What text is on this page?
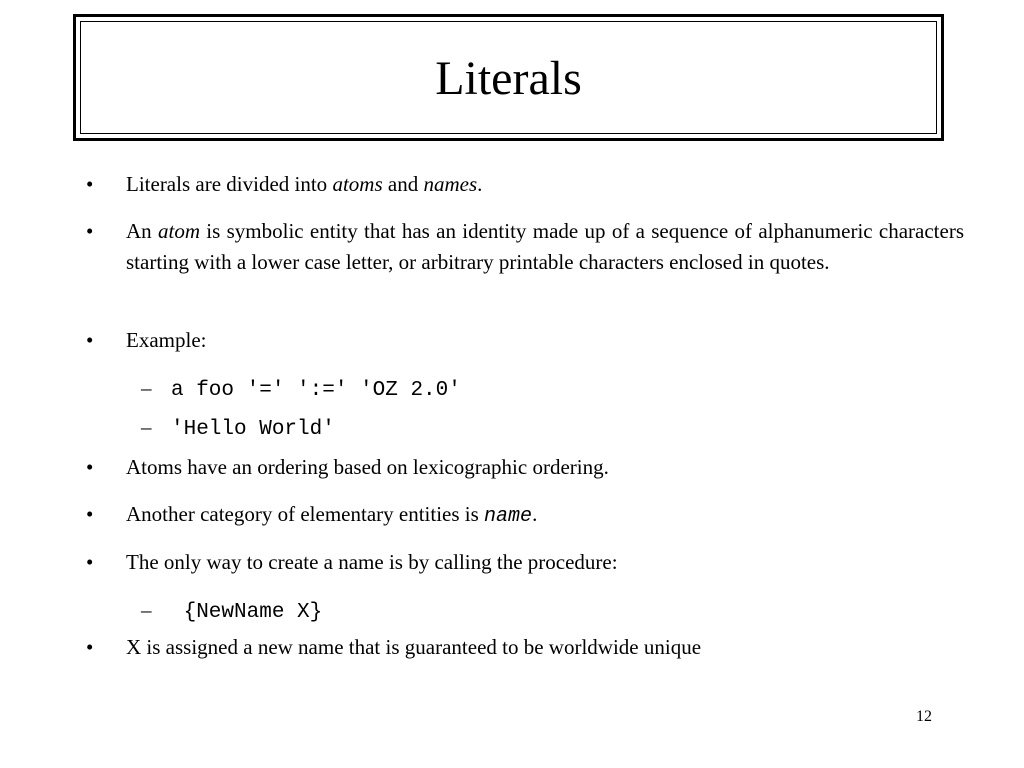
Literals
• Literals are divided into atoms and names.
• An atom is symbolic entity that has an identity made up of a sequence of alphanumeric characters starting with a lower case letter, or arbitrary printable characters enclosed in quotes.
• Example:
– a foo '=' ':=' 'OZ 2.0'
– 'Hello World'
• Atoms have an ordering based on lexicographic ordering.
• Another category of elementary entities is name.
• The only way to create a name is by calling the procedure:
– {NewName X}
• X is assigned a new name that is guaranteed to be worldwide unique
12
